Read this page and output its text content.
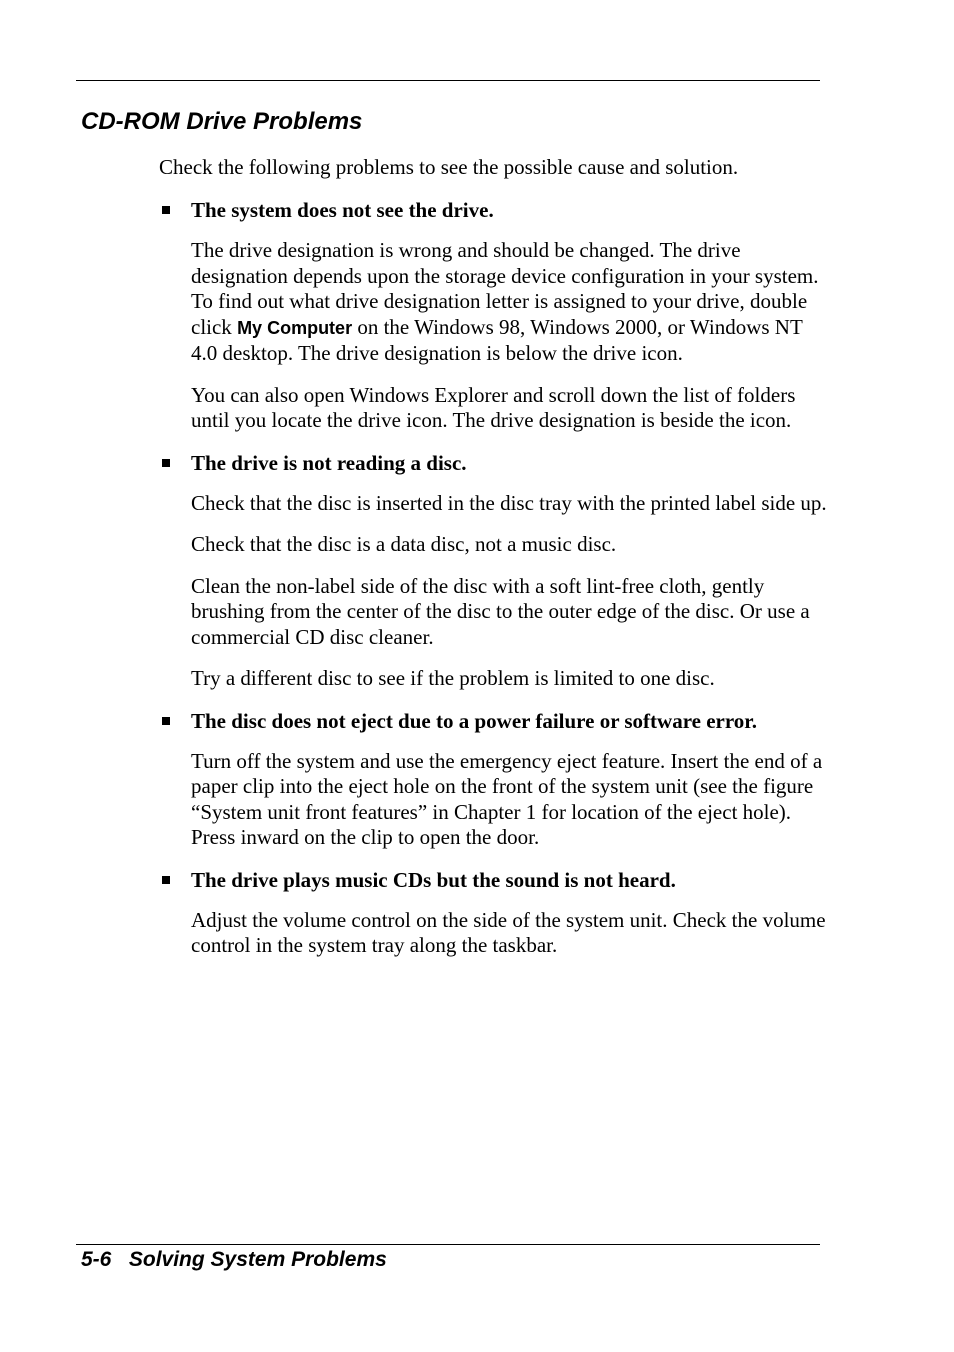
CD-ROM Drive Problems

Check the following problems to see the possible cause and solution.

The system does not see the drive.

The drive designation is wrong and should be changed. The drive designation depends upon the storage device configuration in your system. To find out what drive designation letter is assigned to your drive, double click My Computer on the Windows 98, Windows 2000, or Windows NT 4.0 desktop. The drive designation is below the drive icon.

You can also open Windows Explorer and scroll down the list of folders until you locate the drive icon. The drive designation is beside the icon.

The drive is not reading a disc.

Check that the disc is inserted in the disc tray with the printed label side up.

Check that the disc is a data disc, not a music disc.

Clean the non-label side of the disc with a soft lint-free cloth, gently brushing from the center of the disc to the outer edge of the disc. Or use a commercial CD disc cleaner.

Try a different disc to see if the problem is limited to one disc.

The disc does not eject due to a power failure or software error.

Turn off the system and use the emergency eject feature. Insert the end of a paper clip into the eject hole on the front of the system unit (see the figure “System unit front features” in Chapter 1 for location of the eject hole). Press inward on the clip to open the door.

The drive plays music CDs but the sound is not heard.

Adjust the volume control on the side of the system unit. Check the volume control in the system tray along the taskbar.

5-6 Solving System Problems
